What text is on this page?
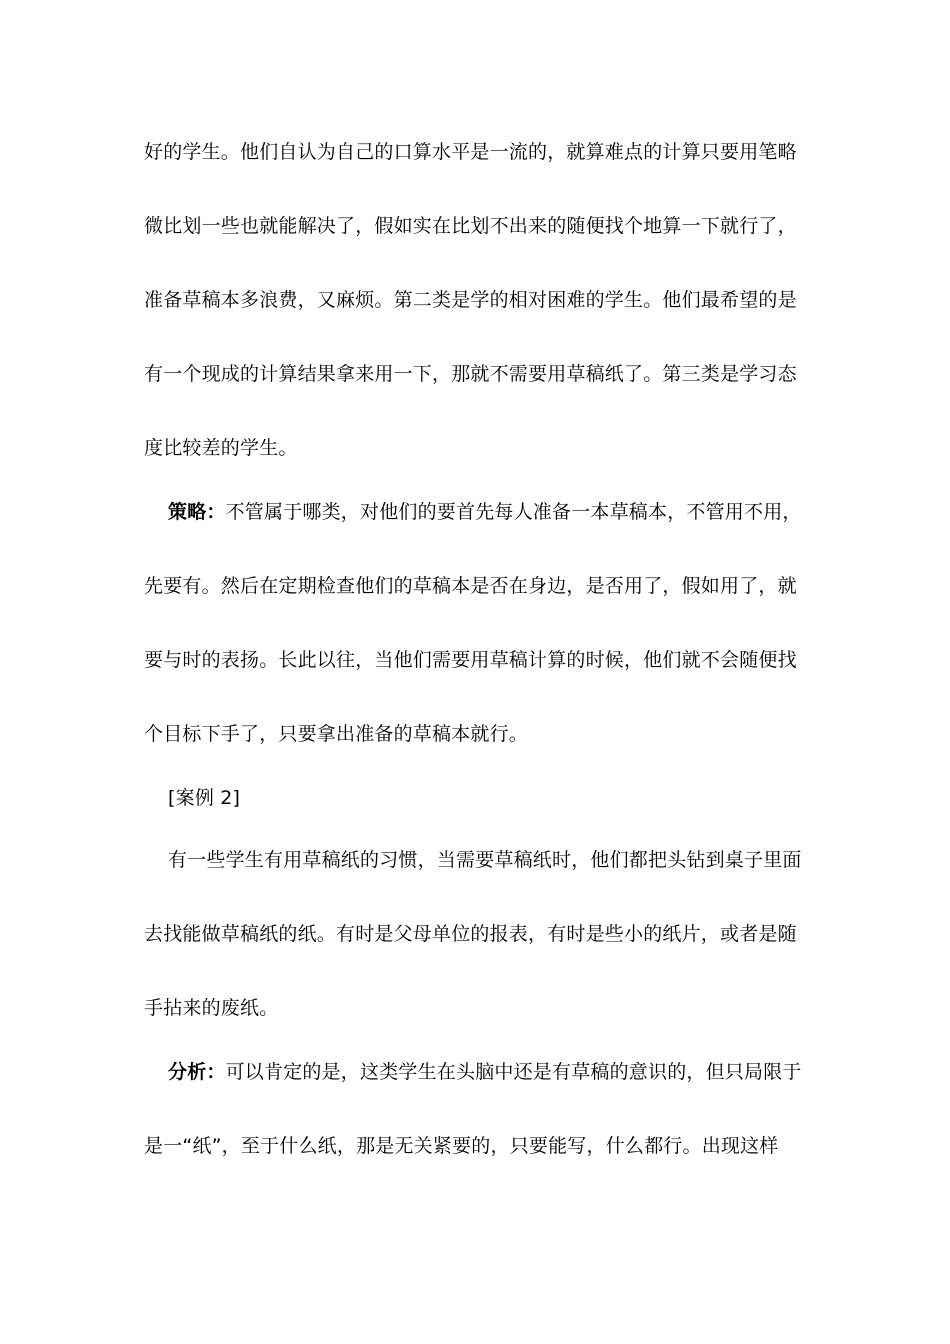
好的学生。他们自认为自己的口算水平是一流的，就算难点的计算只要用笔略
微比划一些也就能解决了，假如实在比划不出来的随便找个地算一下就行了，
准备草稿本多浪费，又麻烦。第二类是学的相对困难的学生。他们最希望的是
有一个现成的计算结果拿来用一下，那就不需要用草稿纸了。第三类是学习态
度比较差的学生。
策略：不管属于哪类，对他们的要首先每人准备一本草稿本，不管用不用，
先要有。然后在定期检查他们的草稿本是否在身边，是否用了，假如用了，就
要与时的表扬。长此以往，当他们需要用草稿计算的时候，他们就不会随便找
个目标下手了，只要拿出准备的草稿本就行。
[案例 2]
有一些学生有用草稿纸的习惯，当需要草稿纸时，他们都把头钻到桌子里面
去找能做草稿纸的纸。有时是父母单位的报表，有时是些小的纸片，或者是随
手拈来的废纸。
分析：可以肯定的是，这类学生在头脑中还是有草稿的意识的，但只局限于
是一“纸”，至于什么纸，那是无关紧要的，只要能写，什么都行。出现这样
